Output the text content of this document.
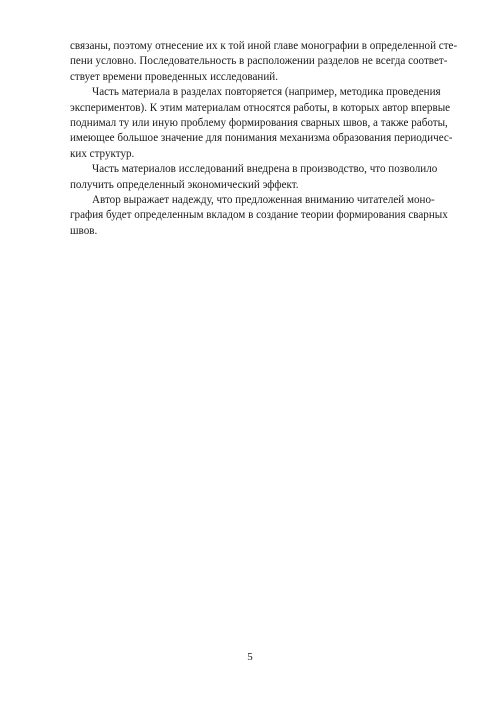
связаны, поэтому отнесение их к той иной главе монографии в определенной сте-
пени условно. Последовательность в расположении разделов не всегда соответ-
ствует времени проведенных исследований.
Часть материала в разделах повторяется (например, методика проведения
экспериментов). К этим материалам относятся работы, в которых автор впервые
поднимал ту или иную проблему формирования сварных швов, а также работы,
имеющее большое значение для понимания механизма образования периодичес-
ких структур.
Часть материалов исследований внедрена в производство, что позволило
получить определенный экономический эффект.
Автор выражает надежду, что предложенная вниманию читателей моно-
графия будет определенным вкладом в создание теории формирования сварных
швов.
5
